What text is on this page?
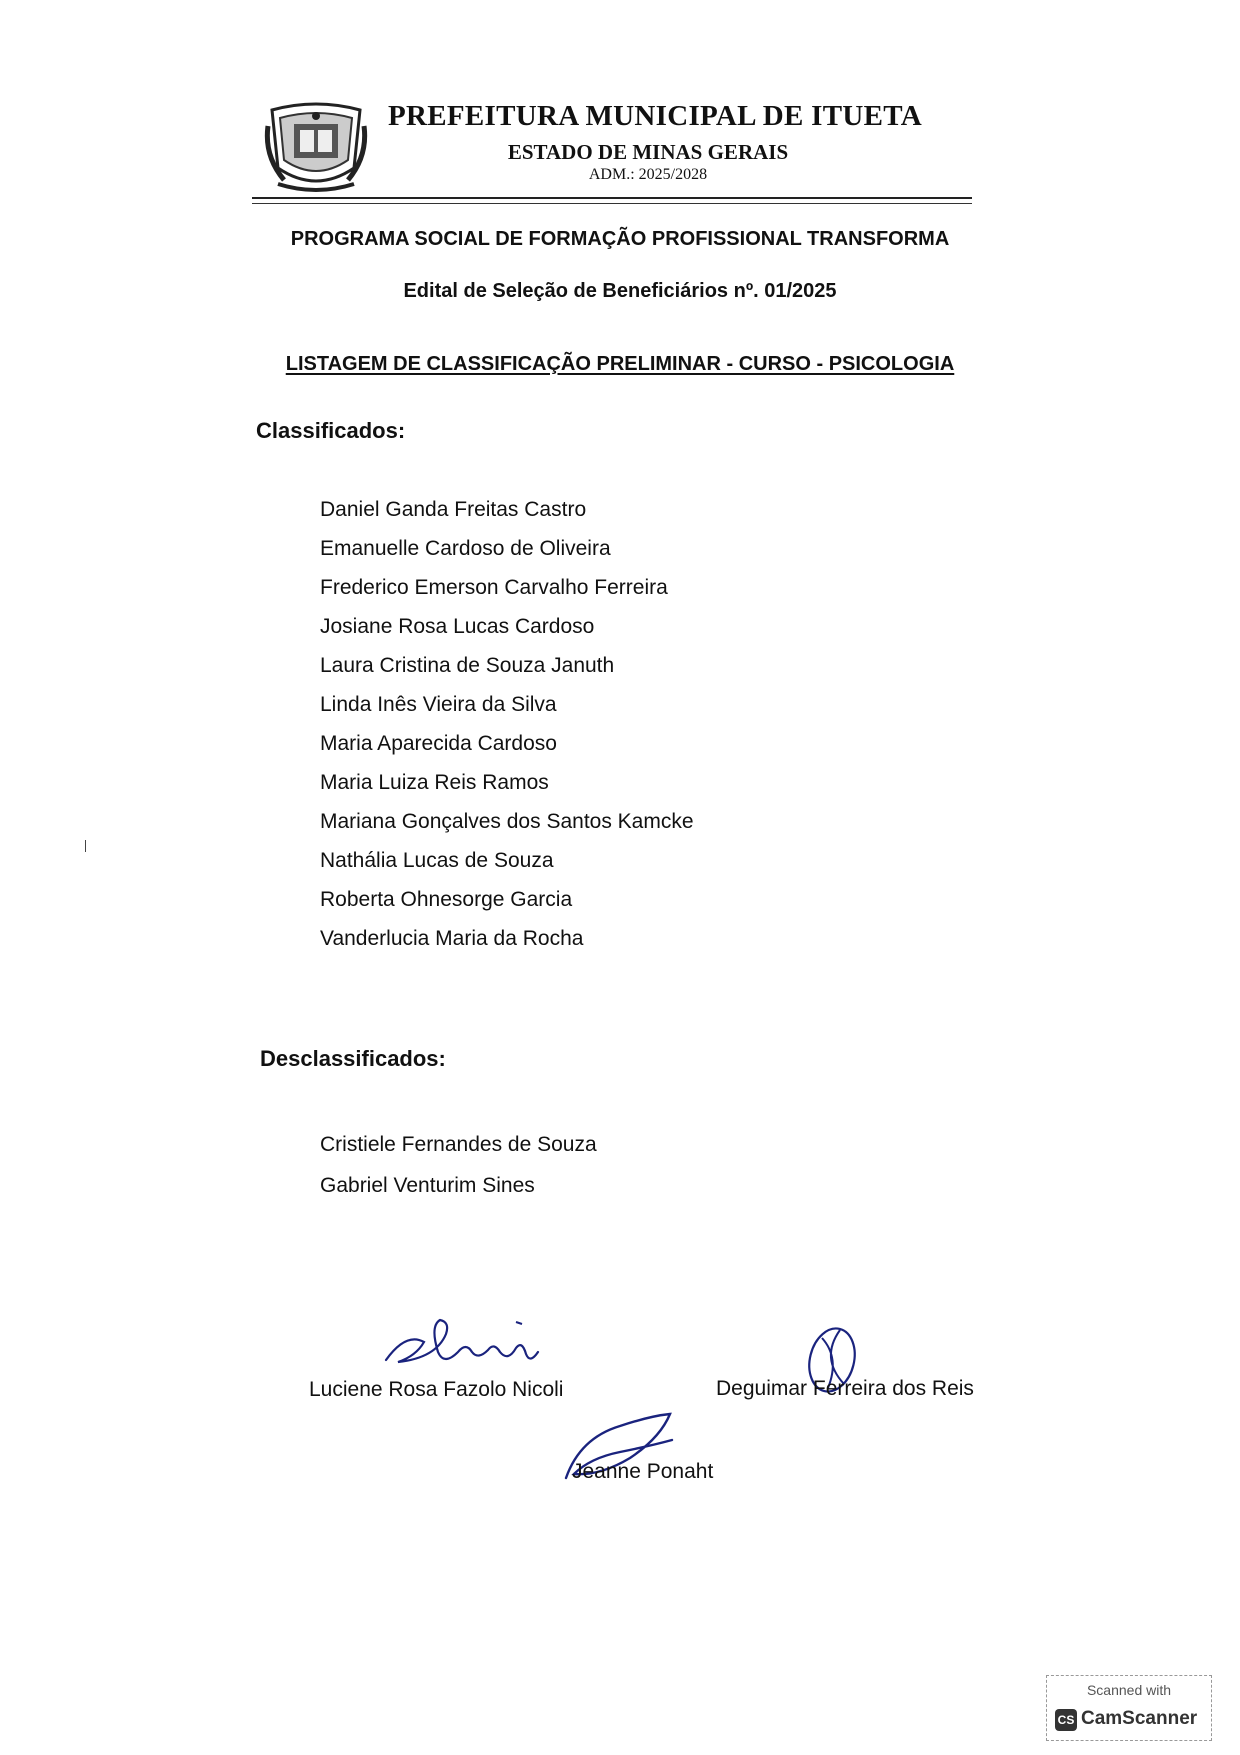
PREFEITURA MUNICIPAL DE ITUETA
ESTADO DE MINAS GERAIS
ADM.: 2025/2028
PROGRAMA SOCIAL DE FORMAÇÃO PROFISSIONAL TRANSFORMA
Edital de Seleção de Beneficiários nº. 01/2025
LISTAGEM DE CLASSIFICAÇÃO PRELIMINAR - CURSO - PSICOLOGIA
Classificados:
Daniel Ganda Freitas Castro
Emanuelle Cardoso de Oliveira
Frederico Emerson Carvalho Ferreira
Josiane Rosa Lucas Cardoso
Laura Cristina de Souza Januth
Linda Inês Vieira da Silva
Maria Aparecida Cardoso
Maria Luiza Reis Ramos
Mariana Gonçalves dos Santos Kamcke
Nathália Lucas de Souza
Roberta Ohnesorge Garcia
Vanderlucia Maria da Rocha
Desclassificados:
Cristiele Fernandes de Souza
Gabriel Venturim Sines
Luciene Rosa Fazolo Nicoli	Deguimar Ferreira dos Reis
Jeanne Ponaht
Scanned with
CS CamScanner
